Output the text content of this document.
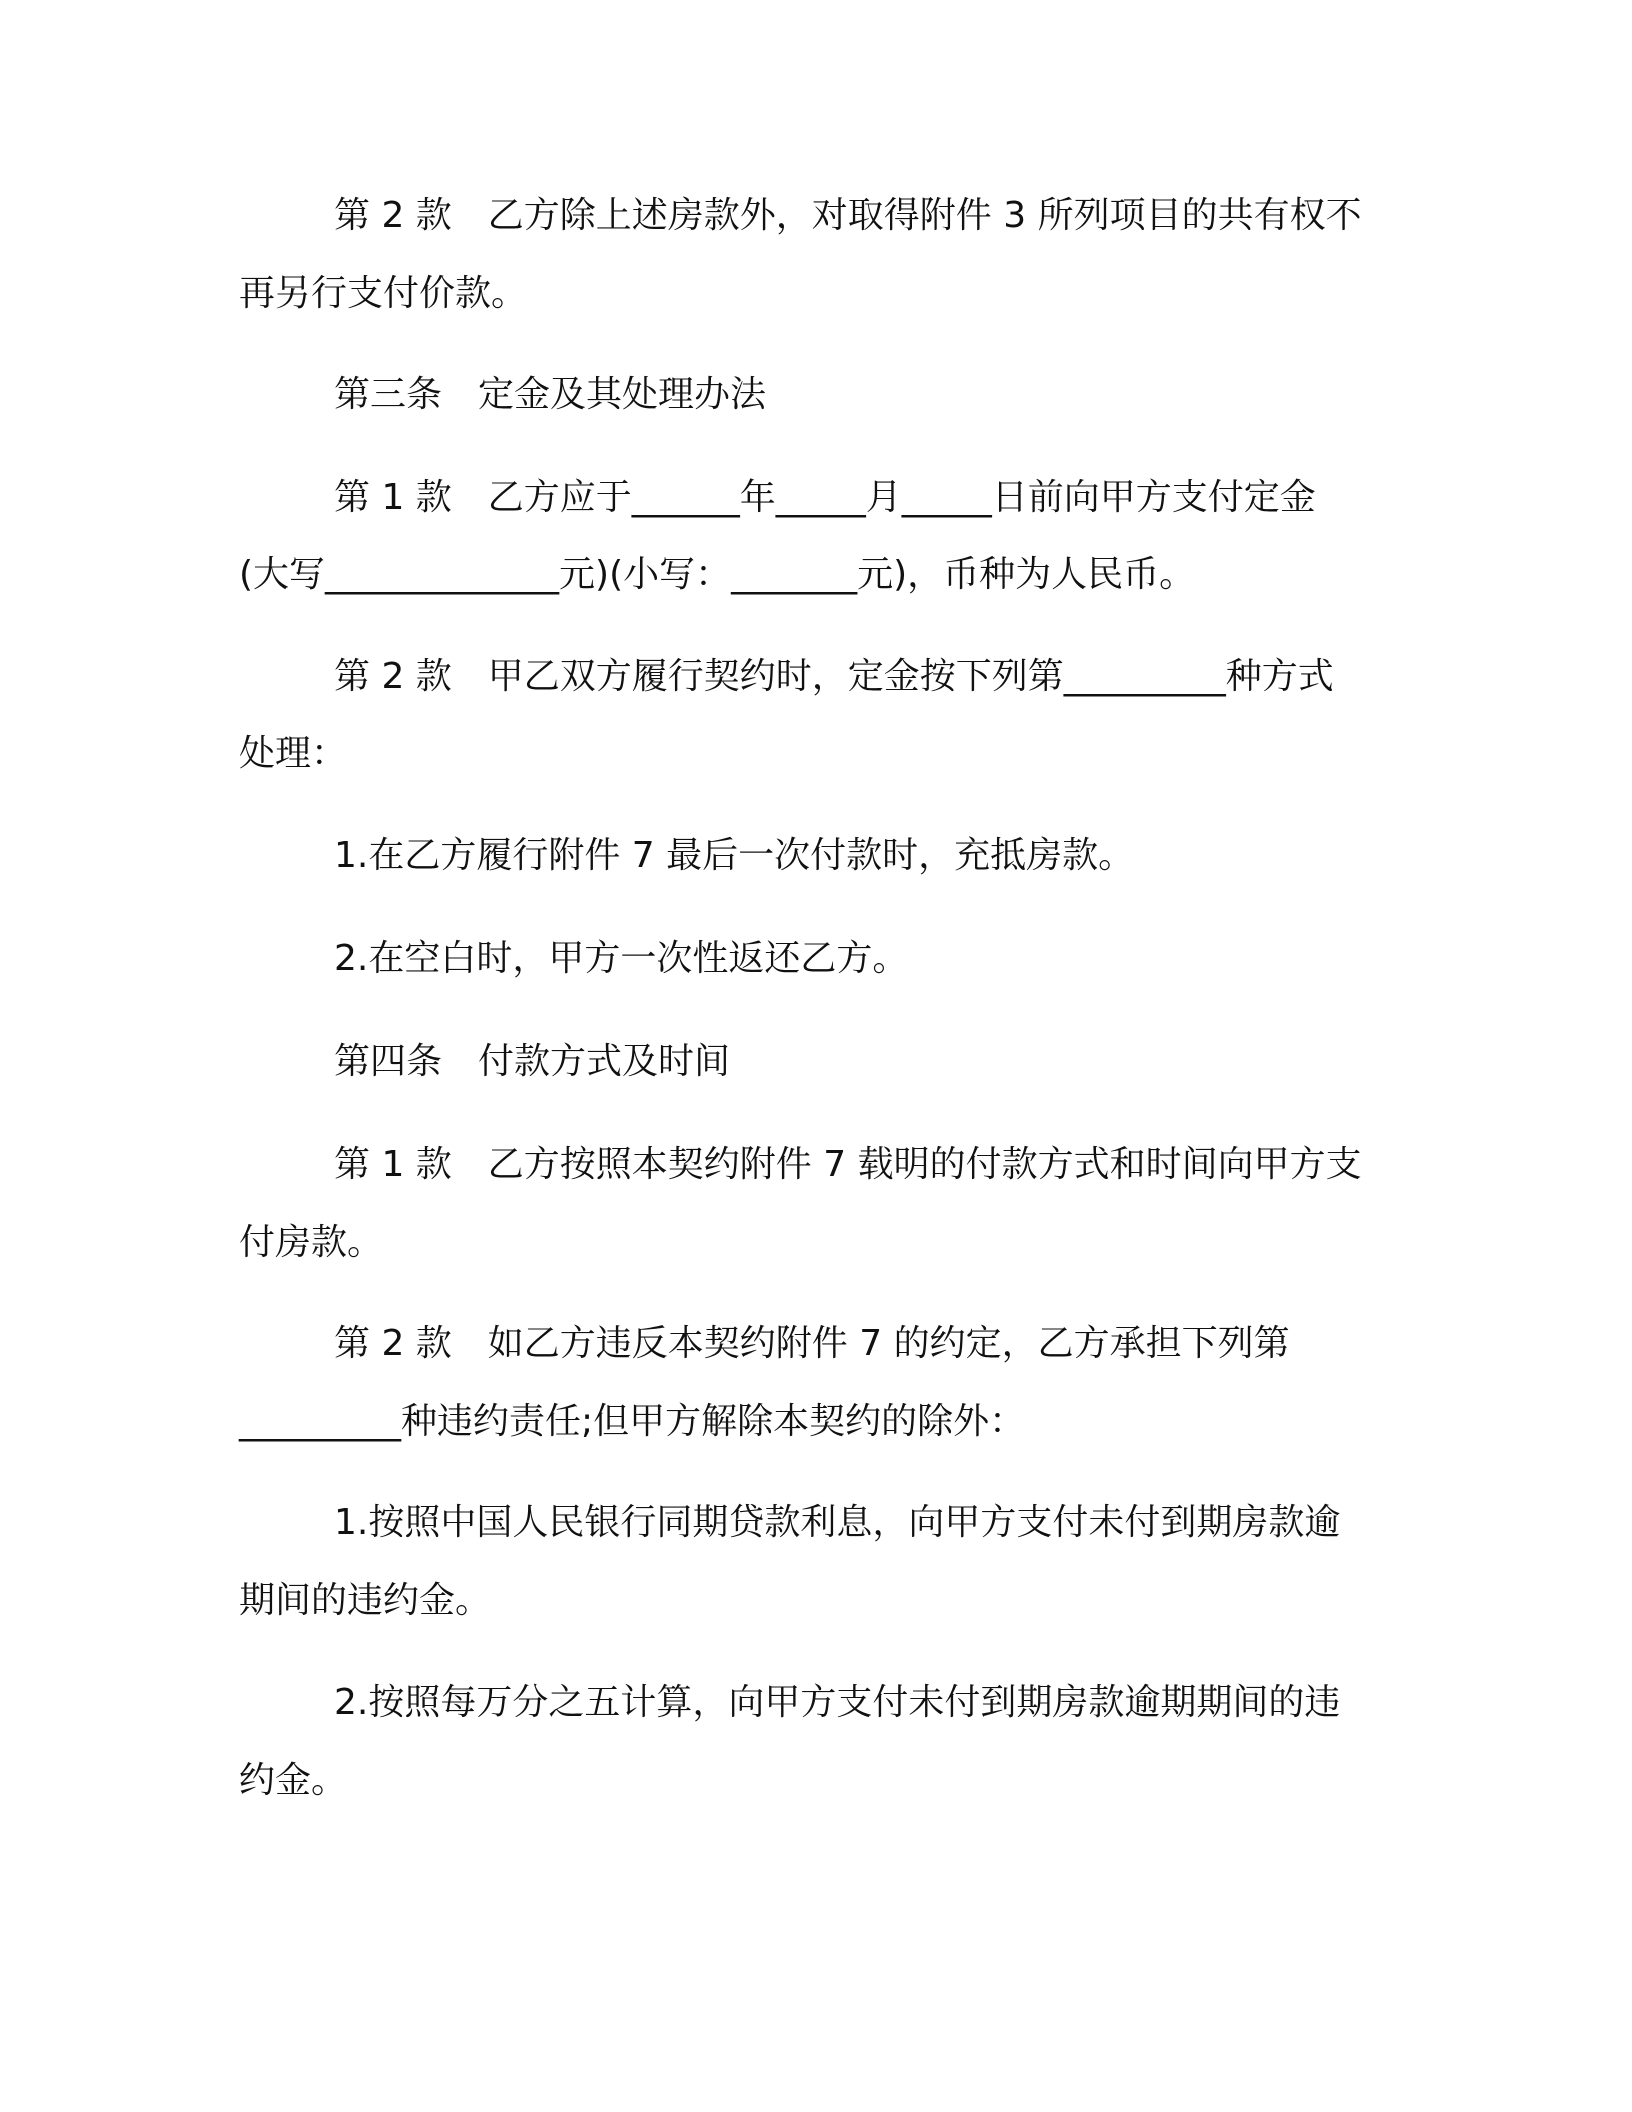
第 2 款　乙方除上述房款外，对取得附件 3 所列项目的共有权不

再另行支付价款。

第三条　定金及其处理办法

第 1 款　乙方应于______年_____月_____日前向甲方支付定金

(大写_____________元)(小写：_______元)，币种为人民币。

第 2 款　甲乙双方履行契约时，定金按下列第_________种方式

处理：

1.在乙方履行附件 7 最后一次付款时，充抵房款。

2.在空白时，甲方一次性返还乙方。

第四条　付款方式及时间

第 1 款　乙方按照本契约附件 7 载明的付款方式和时间向甲方支

付房款。

第 2 款　如乙方违反本契约附件 7 的约定，乙方承担下列第

_________种违约责任;但甲方解除本契约的除外：

1.按照中国人民银行同期贷款利息，向甲方支付未付到期房款逾

期间的违约金。

2.按照每万分之五计算，向甲方支付未付到期房款逾期期间的违

约金。
